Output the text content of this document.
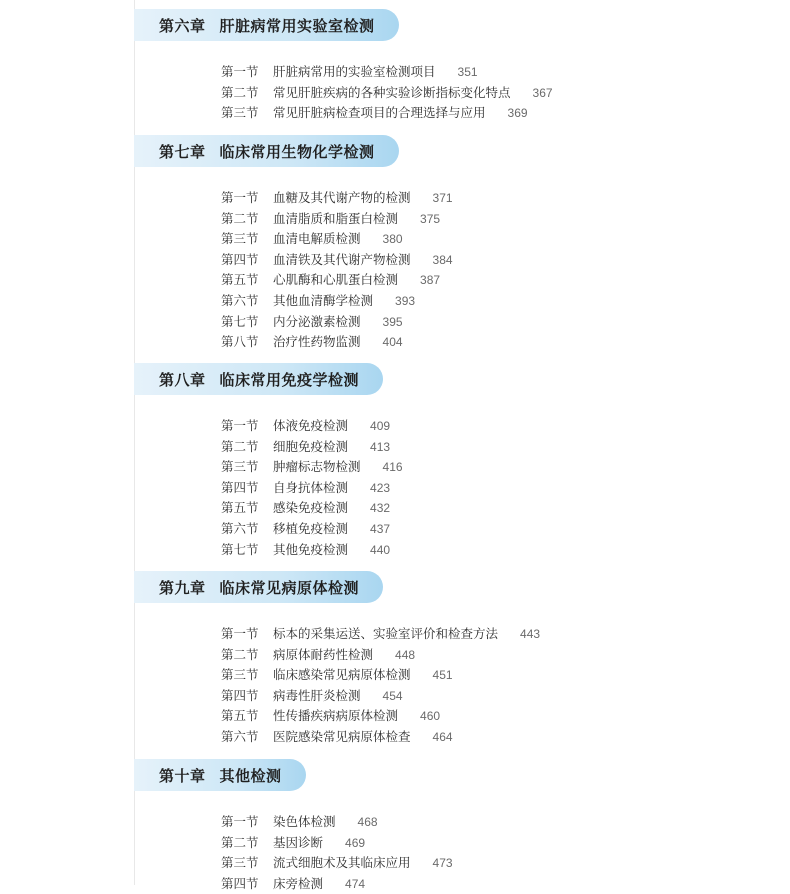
第六章 肝脏病常用实验室检测
第一节 肝脏病常用的实验室检测项目 351
第二节 常见肝脏疾病的各种实验诊断指标变化特点 367
第三节 常见肝脏病检查项目的合理选择与应用 369
第七章 临床常用生物化学检测
第一节 血糖及其代谢产物的检测 371
第二节 血清脂质和脂蛋白检测 375
第三节 血清电解质检测 380
第四节 血清铁及其代谢产物检测 384
第五节 心肌酶和心肌蛋白检测 387
第六节 其他血清酶学检测 393
第七节 内分泌激素检测 395
第八节 治疗性药物监测 404
第八章 临床常用免疫学检测
第一节 体液免疫检测 409
第二节 细胞免疫检测 413
第三节 肿瘤标志物检测 416
第四节 自身抗体检测 423
第五节 感染免疫检测 432
第六节 移植免疫检测 437
第七节 其他免疫检测 440
第九章 临床常见病原体检测
第一节 标本的采集运送、实验室评价和检查方法 443
第二节 病原体耐药性检测 448
第三节 临床感染常见病原体检测 451
第四节 病毒性肝炎检测 454
第五节 性传播疾病病原体检测 460
第六节 医院感染常见病原体检查 464
第十章 其他检测
第一节 染色体检测 468
第二节 基因诊断 469
第三节 流式细胞术及其临床应用 473
第四节 床旁检测 474
